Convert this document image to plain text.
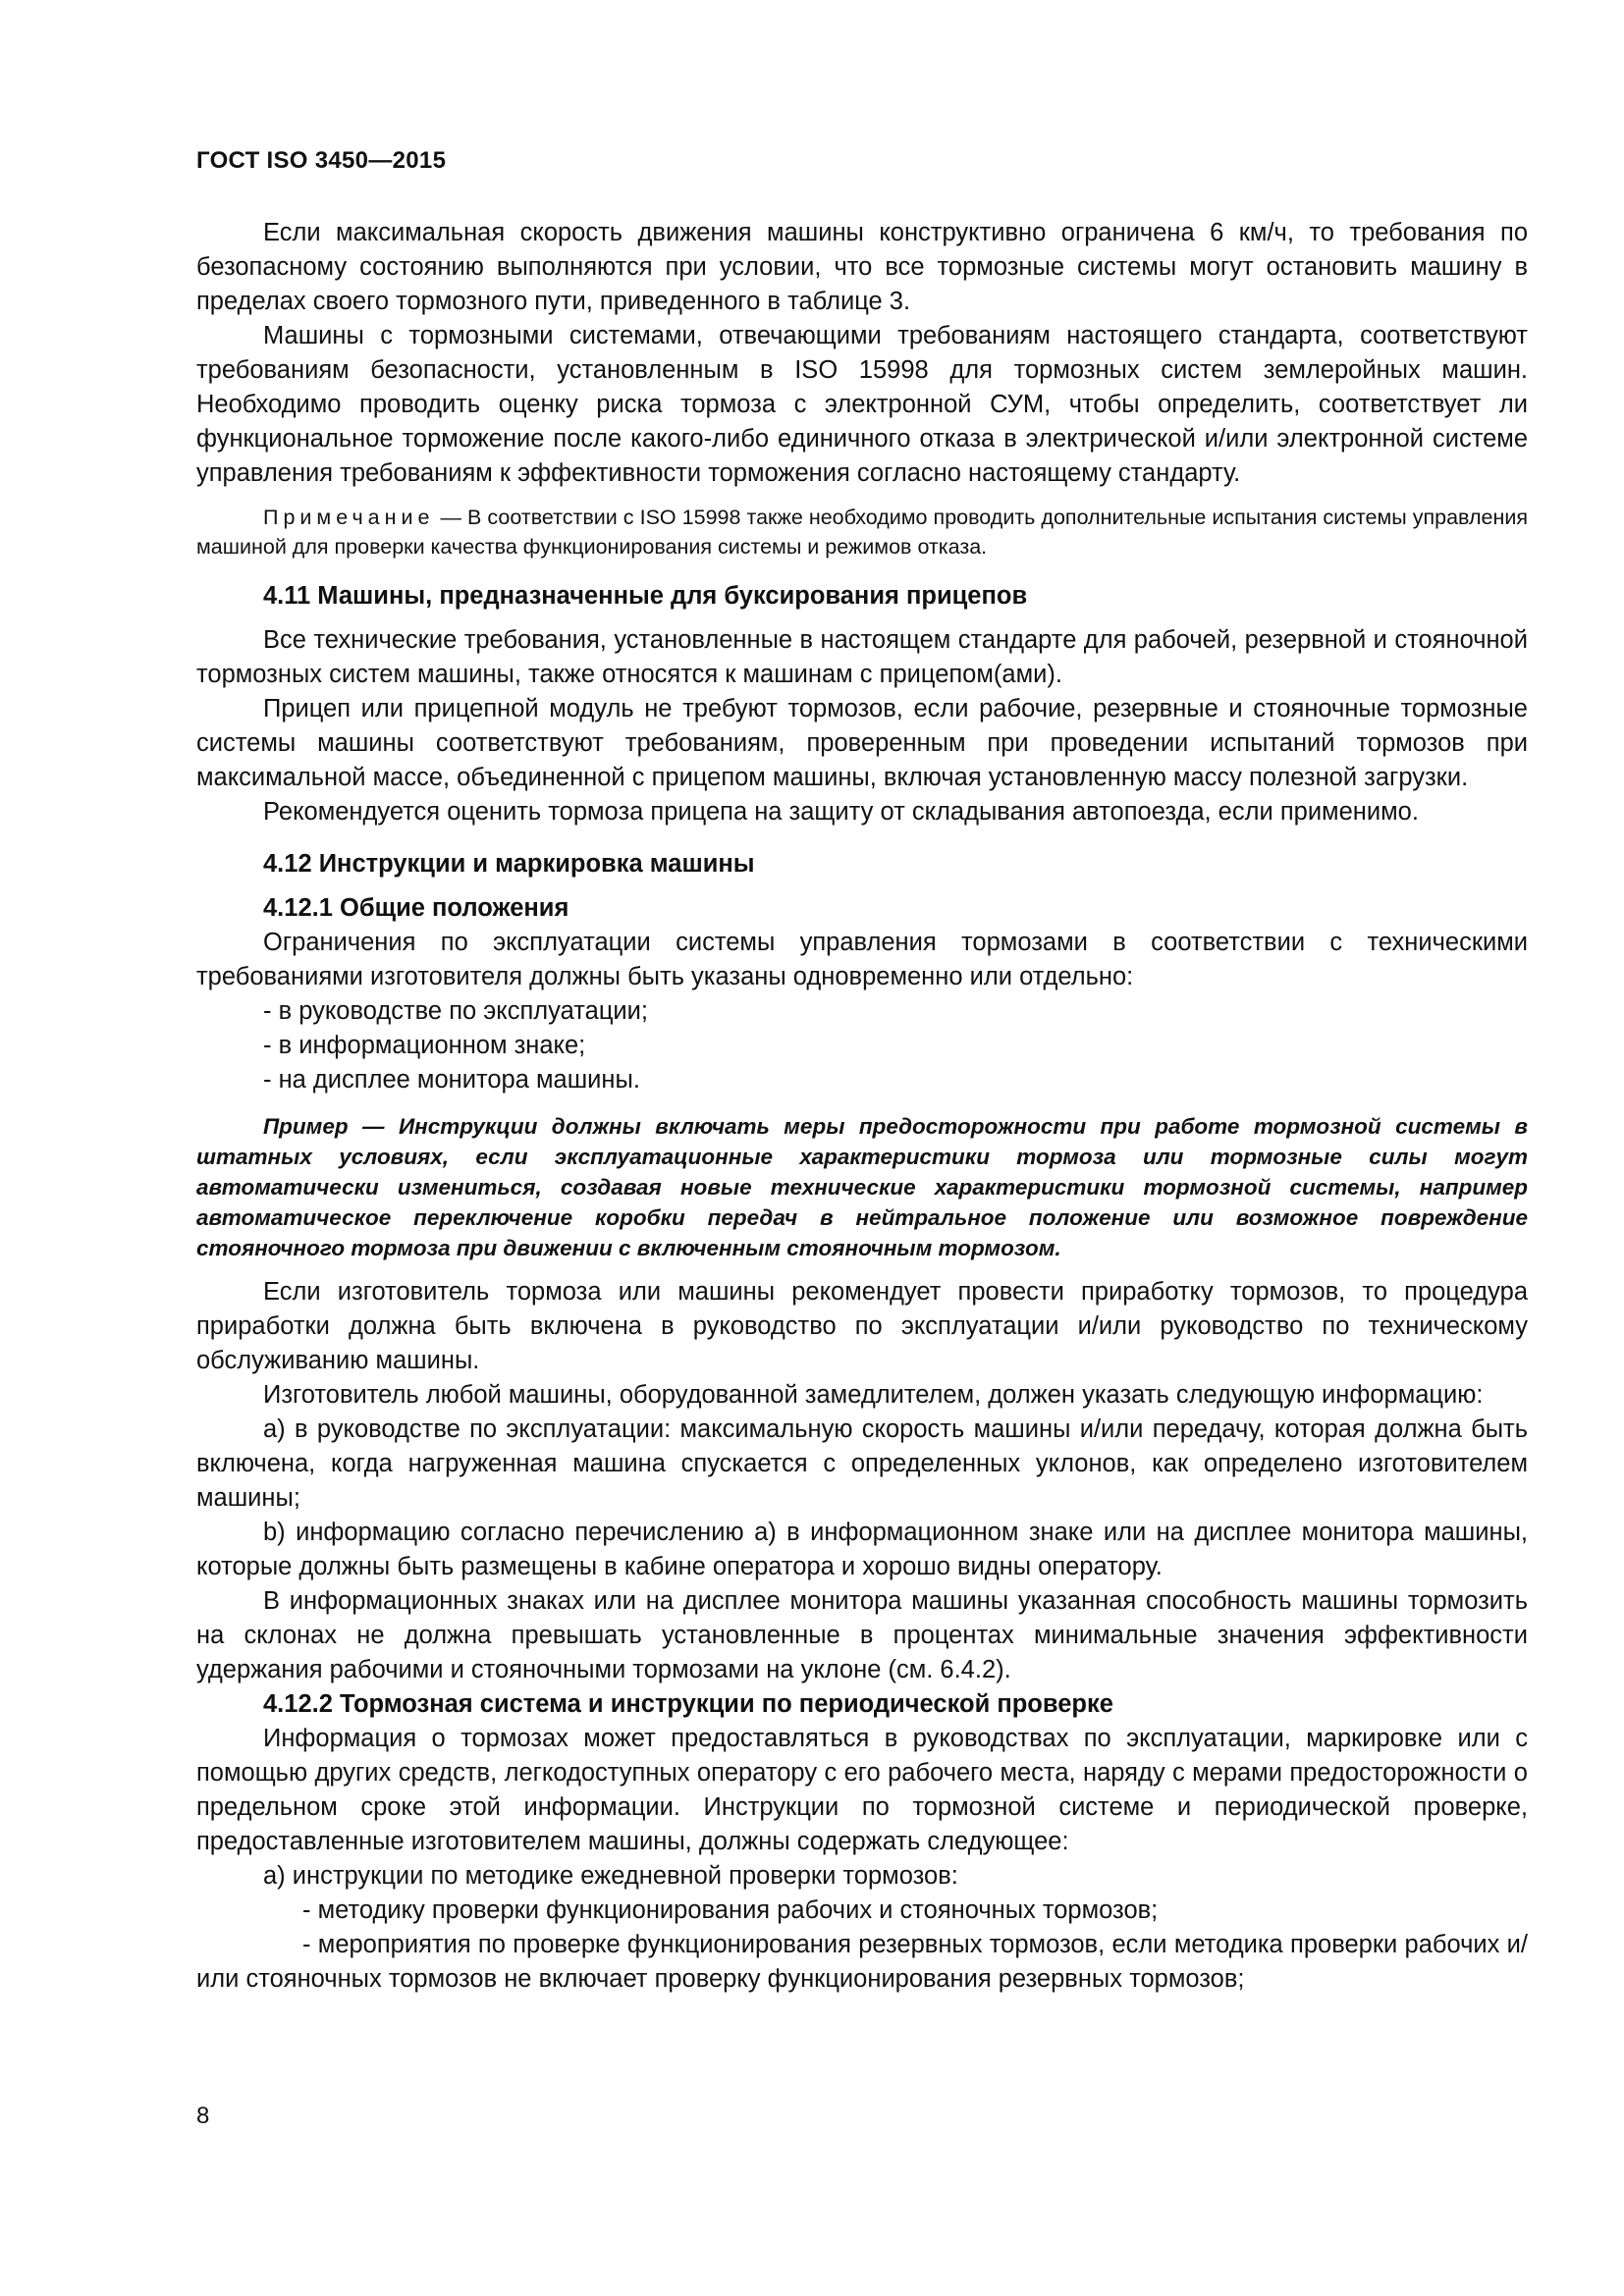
ГОСТ ISO 3450—2015

Если максимальная скорость движения машины конструктивно ограничена 6 км/ч, то требования по безопасному состоянию выполняются при условии, что все тормозные системы могут остановить машину в пределах своего тормозного пути, приведенного в таблице 3.

Машины с тормозными системами, отвечающими требованиям настоящего стандарта, соответствуют требованиям безопасности, установленным в ISO 15998 для тормозных систем землеройных машин. Необходимо проводить оценку риска тормоза с электронной СУМ, чтобы определить, соответствует ли функциональное торможение после какого-либо единичного отказа в электрической и/или электронной системе управления требованиям к эффективности торможения согласно настоящему стандарту.

Примечание — В соответствии с ISO 15998 также необходимо проводить дополнительные испытания системы управления машиной для проверки качества функционирования системы и режимов отказа.

4.11 Машины, предназначенные для буксирования прицепов

Все технические требования, установленные в настоящем стандарте для рабочей, резервной и стояночной тормозных систем машины, также относятся к машинам с прицепом(ами).

Прицеп или прицепной модуль не требуют тормозов, если рабочие, резервные и стояночные тормозные системы машины соответствуют требованиям, проверенным при проведении испытаний тормозов при максимальной массе, объединенной с прицепом машины, включая установленную массу полезной загрузки.

Рекомендуется оценить тормоза прицепа на защиту от складывания автопоезда, если применимо.

4.12 Инструкции и маркировка машины
4.12.1 Общие положения

Ограничения по эксплуатации системы управления тормозами в соответствии с техническими требованиями изготовителя должны быть указаны одновременно или отдельно:

- в руководстве по эксплуатации;
- в информационном знаке;
- на дисплее монитора машины.

Пример — Инструкции должны включать меры предосторожности при работе тормозной системы в штатных условиях, если эксплуатационные характеристики тормоза или тормозные силы могут автоматически измениться, создавая новые технические характеристики тормозной системы, например автоматическое переключение коробки передач в нейтральное положение или возможное повреждение стояночного тормоза при движении с включенным стояночным тормозом.

Если изготовитель тормоза или машины рекомендует провести приработку тормозов, то процедура приработки должна быть включена в руководство по эксплуатации и/или руководство по техническому обслуживанию машины.

Изготовитель любой машины, оборудованной замедлителем, должен указать следующую информацию:

a) в руководстве по эксплуатации: максимальную скорость машины и/или передачу, которая должна быть включена, когда нагруженная машина спускается с определенных уклонов, как определено изготовителем машины;

b) информацию согласно перечислению a) в информационном знаке или на дисплее монитора машины, которые должны быть размещены в кабине оператора и хорошо видны оператору.

В информационных знаках или на дисплее монитора машины указанная способность машины тормозить на склонах не должна превышать установленные в процентах минимальные значения эффективности удержания рабочими и стояночными тормозами на уклоне (см. 6.4.2).

4.12.2 Тормозная система и инструкции по периодической проверке

Информация о тормозах может предоставляться в руководствах по эксплуатации, маркировке или с помощью других средств, легкодоступных оператору с его рабочего места, наряду с мерами предосторожности о предельном сроке этой информации. Инструкции по тормозной системе и периодической проверке, предоставленные изготовителем машины, должны содержать следующее:

a) инструкции по методике ежедневной проверки тормозов:

- методику проверки функционирования рабочих и стояночных тормозов;

- мероприятия по проверке функционирования резервных тормозов, если методика проверки рабочих и/или стояночных тормозов не включает проверку функционирования резервных тормозов;

8
